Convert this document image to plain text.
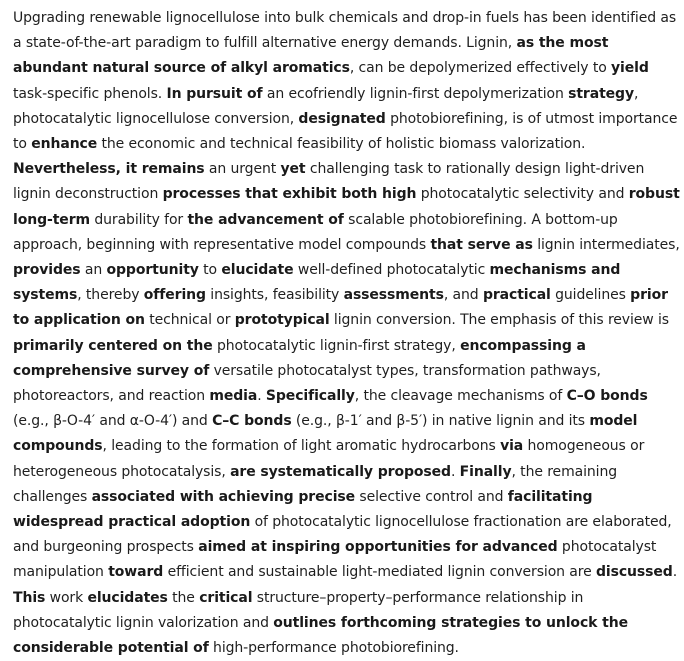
Upgrading renewable lignocellulose into bulk chemicals and drop-in fuels has been identified as a state-of-the-art paradigm to fulfill alternative energy demands. Lignin, as the most abundant natural source of alkyl aromatics, can be depolymerized effectively to yield task-specific phenols. In pursuit of an ecofriendly lignin-first depolymerization strategy, photocatalytic lignocellulose conversion, designated photobiorefining, is of utmost importance to enhance the economic and technical feasibility of holistic biomass valorization. Nevertheless, it remains an urgent yet challenging task to rationally design light-driven lignin deconstruction processes that exhibit both high photocatalytic selectivity and robust long-term durability for the advancement of scalable photobiorefining. A bottom-up approach, beginning with representative model compounds that serve as lignin intermediates, provides an opportunity to elucidate well-defined photocatalytic mechanisms and systems, thereby offering insights, feasibility assessments, and practical guidelines prior to application on technical or prototypical lignin conversion. The emphasis of this review is primarily centered on the photocatalytic lignin-first strategy, encompassing a comprehensive survey of versatile photocatalyst types, transformation pathways, photoreactors, and reaction media. Specifically, the cleavage mechanisms of C–O bonds (e.g., β-O-4′ and α-O-4′) and C–C bonds (e.g., β-1′ and β-5′) in native lignin and its model compounds, leading to the formation of light aromatic hydrocarbons via homogeneous or heterogeneous photocatalysis, are systematically proposed. Finally, the remaining challenges associated with achieving precise selective control and facilitating widespread practical adoption of photocatalytic lignocellulose fractionation are elaborated, and burgeoning prospects aimed at inspiring opportunities for advanced photocatalyst manipulation toward efficient and sustainable light-mediated lignin conversion are discussed. This work elucidates the critical structure–property–performance relationship in photocatalytic lignin valorization and outlines forthcoming strategies to unlock the considerable potential of high-performance photobiorefining.
